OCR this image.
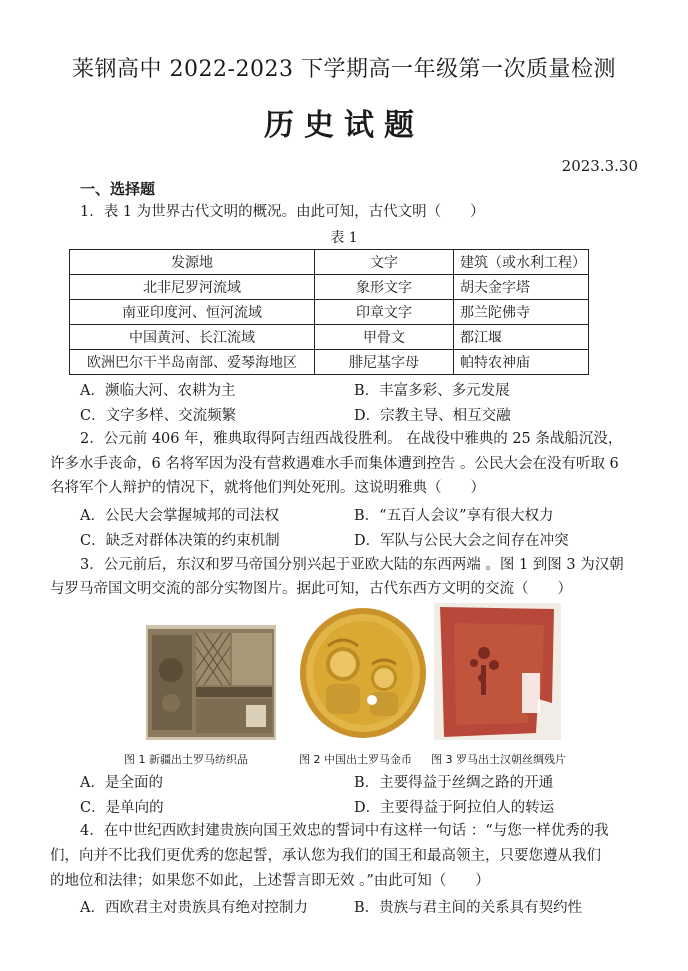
莱钢高中 2022-2023 下学期高一年级第一次质量检测
历史试题
2023.3.30
一、选择题
1．表 1 为世界古代文明的概况。由此可知，古代文明（　　）
表 1
发源地	文字	建筑（或水利工程）
北非尼罗河流域	象形文字	胡夫金字塔
南亚印度河、恒河流域	印章文字	那兰陀佛寺
中国黄河、长江流域	甲骨文	都江堰
欧洲巴尔干半岛南部、爱琴海地区	腓尼基字母	帕特农神庙
A．濒临大河、农耕为主	B．丰富多彩、多元发展
C．文字多样、交流频繁	D．宗教主导、相互交融
2．公元前 406 年，雅典取得阿吉纽西战役胜利。 在战役中雅典的 25 条战船沉没，
许多水手丧命，6 名将军因为没有营救遇难水手而集体遭到控告 。公民大会在没有听取 6
名将军个人辩护的情况下，就将他们判处死刑。这说明雅典（　　）
A．公民大会掌握城邦的司法权	B．“五百人会议”享有很大权力
C．缺乏对群体决策的约束机制	D．军队与公民大会之间存在冲突
3．公元前后，东汉和罗马帝国分别兴起于亚欧大陆的东西两端 。图 1 到图 3 为汉朝
与罗马帝国文明交流的部分实物图片。据此可知，古代东西方文明的交流（　　）
图 1 新疆出土罗马纺织品	图 2 中国出土罗马金币 图 3 罗马出土汉朝丝绸残片
A．是全面的	B．主要得益于丝绸之路的开通
C．是单向的	D．主要得益于阿拉伯人的转运
4．在中世纪西欧封建贵族向国王效忠的誓词中有这样一句话 ：“与您一样优秀的我
们，向并不比我们更优秀的您起誓，承认您为我们的国王和最高领主，只要您遵从我们
的地位和法律；如果您不如此，上述誓言即无效 。”由此可知（　　）
A．西欧君主对贵族具有绝对控制力	B．贵族与君主间的关系具有契约性
